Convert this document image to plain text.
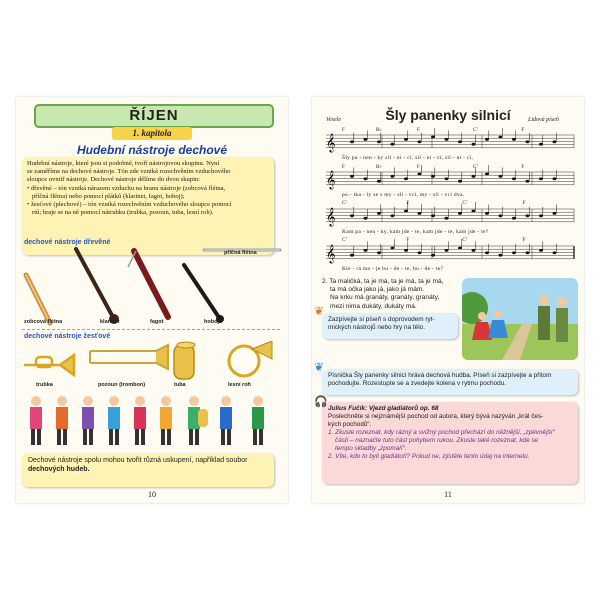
ŘÍJEN
1. kapitola
Hudební nástroje dechové

Hudební nástroje, které jsou si podobné, tvoří nástrojovou skupinu. Nyní

se zaměříme na dechové nástroje. Tón zde vzniká rozechvěním vzduchového

sloupce uvnitř nástroje. Dechové nástroje dělíme do dvou skupin:

• dřevěné – tón vzniká nárazem vzduchu na hranu nástroje (zobcová flétna,

příčná flétna) nebo pomocí plátků (klarinet, fagot, hoboj);

• žesťové (plechové) – tón vzniká rozechvěním vzduchového sloupce pomocí

rtů; hraje se na ně pomocí nátrubku (trubka, pozoun, tuba, lesní roh).

dechové nástroje dřevěné
příčná flétna
zobcová flétna	klarinet	fagot	hoboj
dechové nástroje žesťové
trubka	pozoun (trombon)	tuba	lesní roh
Dechové nástroje spolu mohou tvořit různá uskupení, například soubor
dechových hudeb.
10
Šly panenky silnicí
Vesele	Lidová píseň
𝄞
𝄞
𝄞
𝄞
F	B♭	F	C⁷	F
Šly pa - nen - ky sil - ni - cí, sil - ni - cí, sil - ni - cí,
F	B♭	F	C⁷	F
po - tka - ly se s my - sli - vci, my - sli - vci dva.
C⁷	F	C⁷	F
Kam pa - nen - ky, kam jde - te, kam jde - te, kam jde - te?
C⁷	F	C⁷	F
Kte - rá mo - je bu - de - te, bu - de - te?

2. Ta maličká, ta je má, ta je má, ta je má,

ta má očka jako já, jako já mám.

Na krku má granáty, granáty, granáty,

mezi nima dukáty, dukáty má.

❦
Zazpívejte si píseň s doprovodem ryt-
mických nástrojů nebo hry na tělo.
❦
Písnička Šly panenky silnicí hrává dechová hudba. Píseň si zazpívejte a přitom
pochodujte. Rozestupte se a zvedejte kolena v rytmu pochodu.
🎧
Julius Fučík: Vjezd gladiátorů op. 68
Poslechněte si nejznámější pochod od autora, který bývá nazýván „král čes-
kých pochodů“.
1. Zkuste rozeznat, kdy rázný a svižný pochod přechází do něžnější, „zpěvnější“
části – naznačte tuto část pohybem rukou. Zkuste také rozeznat, kde se
tempo skladby „zpomalí“.
2. Víte, kdo to byli gladiátoři? Pokud ne, zjistěte tento údaj na internetu.
11
